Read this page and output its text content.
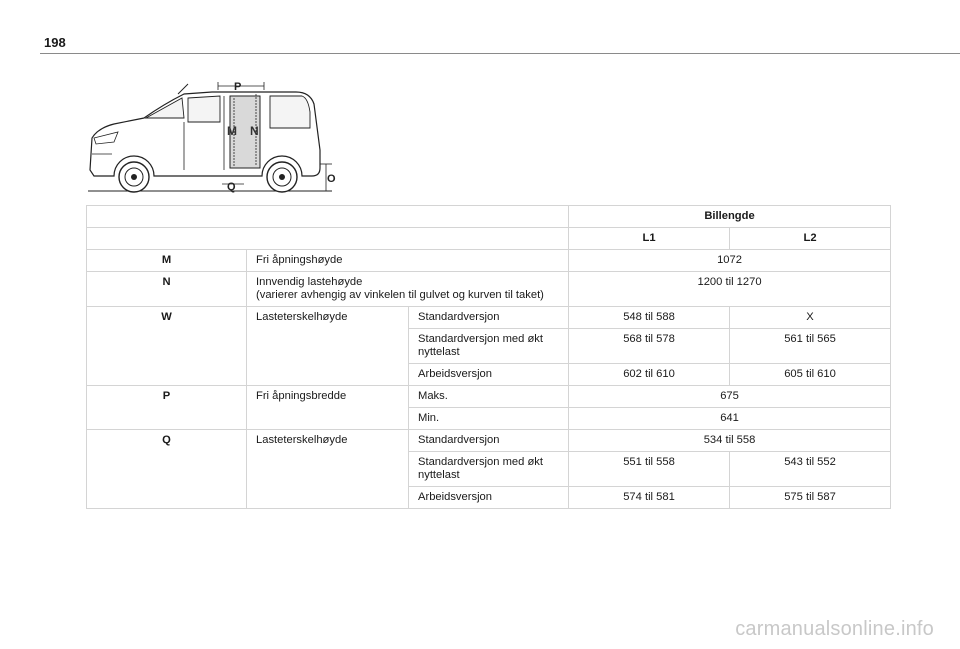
198
P
M N
Q
O
			Billengde	
			L1	L2
M	Fri åpningshøyde		1072	
N	Innvendig lastehøyde
(varierer avhengig av vinkelen til gulvet og kurven til taket)		1200 til 1270	
W	Lasteterskelhøyde	Standardversjon	548 til 588	X

		Standardversjon med økt
nyttelast	568 til 578	561 til 565
		Arbeidsversjon	602 til 610	605 til 610
P	Fri åpningsbredde	Maks.	675	
		Min.	641	
Q	Lasteterskelhøyde	Standardversjon	534 til 558	

		Standardversjon med økt
nyttelast	551 til 558	543 til 552
		Arbeidsversjon	574 til 581	575 til 587
carmanualsonline.info
